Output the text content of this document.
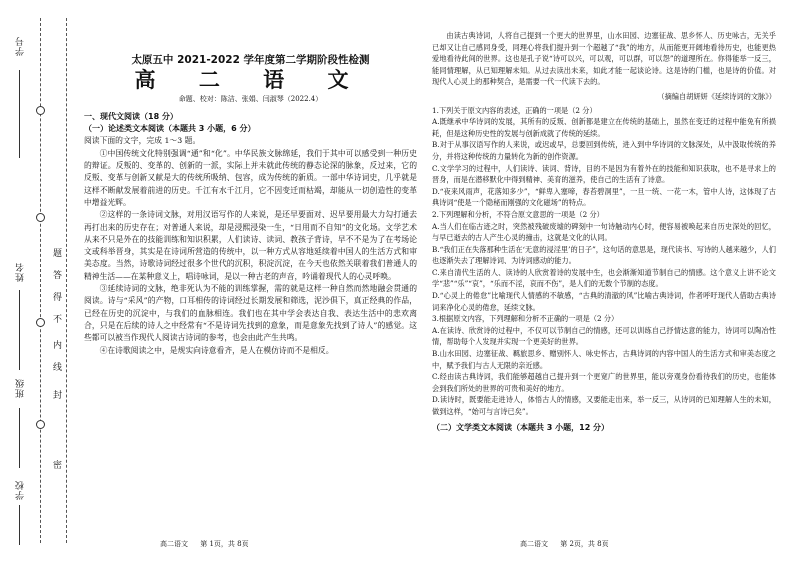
学号
姓名
班级
学校
题
答
得
不
内
线
封
密
太原五中 2021-2022 学年度第二学期阶段性检测
高 二 语 文
命题、校对：陈洁、张娟、闫淑琴（2022.4）
一、现代文阅读（18 分）
（一）论述类文本阅读（本题共 3 小题，6 分）

阅读下面的文字，完成 1～3 题。

①中国传统文化特别强调“通”和“化”。中华民族文脉绵延，我们于其中可以感受到一种历史的辩证。反叛的、变革的、创新的一派，实际上并未就此传统的静态论深的脉象，反过来，它的反叛、变革与创新又献是大的传统所吸纳、包容，成为传统的新质。一部中华诗词史，几乎就是这样不断献发展着前进的历史。千江有水千江月，它不因变迁而枯竭，却能从一切创造性的变革中增益光辉。

②这样的一条诗词文脉，对用汉语写作的人来说，是还早要面对、迟早要用最大力勾打通去再打出来的历史存在；对普通人来说，却是浸熙浸染一生，“日用而不自知”的文化场。文学艺术从来不只是外在的技能训练和知识积累，人们读诗、读词、教孩子背诗，早不不是为了在考场论文或科举晋身，其实是在诗词所营造的传统中，以一种方式从容地延续着中国人的生活方式和审美态度。当然，诗歌诗词经过很多个世代的沉积，积淀沉淀，在今天也依然关联着我们普通人的精神生活——在某种意义上，唱诗咏词，是以一种古老的声音，吟诵着现代人的心灵呼唤。

③延续诗词的文脉，绝非死认为不能的训练掌握，需的就是这样一种自然而然地融会贯通的阅读。诗与“采风”的产物，口耳相传的诗词经过长期发展和筛选，泥沙俱下，真正经典的作品，已经在历史的沉淀中，与我们的血脉相连。我们也在其中学会表达自我、表达生活中的悲欢离合，只是在后续的诗人之中经常有“不是诗词先找到的意象，而是意象先找到了诗人”的感觉。这些都可以被当作现代人阅读古诗词的参考，也会由此产生共鸣。

④在诗歌阅读之中，是规实向诗意看齐，是人在模仿诗而不是相反。

高二语文 第 1页，共 8页

由读古典诗词，人将自己提到一个更大的世界里，山水田园、边塞征战、思乡怀人、历史咏古，无关乎已却又让自己感同身受，同理心将我们提升到一个超越了“我”的地方，从而能更开阔地看待历史，也能更热爱地看待此间的世界。这也是孔子说“诗可以兴，可以观，可以群，可以怨”的道理所在。你得能举一反三，能同情理解，从已知理解未知。从过去读出未来，如此才能一起谈论诗。这是诗的门槛，也是诗的价值。对现代人心灵上的那种契合，是需要一代一代读下去的。

（摘编自胡妍妍《延续诗词的文脉》）

1.下列关于原文内容的表述，正确的一项是（2 分）

A.既继承中华诗词的发展，其所有的反叛、创新都是建立在传统的基础上，虽然在变迁的过程中能免有所损耗，但是这种历史性的发展与创新成就了传统的延续。

B.对于从事汉语写作的人来说，或迟或早，总要回到传统，进入到中华诗词的文脉深处，从中汲取传统的养分，并将这种传统的力量转化为新的创作资源。

C.文学学习的过程中，人们读诗、读词、背诗，目的不是因为有着外在的技能和知识获取，也不是寻求上的晋身，而是在潜移默化中得到精神、美育的滋养，使自己的生活有了诗意。

D.“夜来风雨声，花落知多少”，“鲜卑入塞啼，春苔碧洞里”，一旦一统、一花一木，管中人诗，这体现了古典诗词“使是一个隐秘而刚强的文化磁场”的特点。

2.下列理解和分析，不符合原文意思的一项是（2 分）

A.当人们在临古迹之时，突然被残破废墟的碑刻中一句诗触动内心时，便容易被唤起来自历史深处的回忆，与早已逝去的古人产生心灵的撞击，这就是文化的认同。

B.“我们正在失落那种生活在‘无意的浸淫里’的日子”，这句话的意思是，现代读书、写诗的人越来越少，人们也逐渐失去了理解诗词、为诗词感动的能力。

C.来自清代生活的人、读诗的人欣赏着诗的发展中生，也会渐渐知道节制自己的情感。这个意义上讲不论文学“悲”“乐”“哀”，“乐而不淫，哀而不伤”，是人们的无数个节制的态度。

D.“心灵上的倦怠”比喻现代人情感的不敏感，“古典的清澈的风”比喻古典诗词，作者呼吁现代人借助古典诗词来净化心灵的倦怠，延续文脉。

3.根据原文内容，下列理解和分析不正确的一项是（2 分）

A.在读诗、欣赏诗的过程中，不仅可以节制自己的情感，还可以训练自己抒情达意的能力，诗词可以陶冶性情，帮助每个人发现并实现一个更美好的世界。

B.山水田园、边塞征战、羁旅思乡、赠别怀人、咏史怀古，古典诗词的内容中国人的生活方式和审美态度之中，赋予我们与古人无限的亲近感。

C.经由读古典诗词，我们能够超越自己提升到一个更宽广的世界里，能以旁观身份看待我们的历史，也能体会到我们所处的世界的可贵和美好的地方。

D.读诗时，既要能走进诗人，体悟古人的情感，又要能走出来，举一反三，从诗词的已知理解人生的未知，做到这样，“始可与言诗已矣”。

（二）文学类文本阅读（本题共 3 小题，12 分）
高二语文 第 2页，共 8页
